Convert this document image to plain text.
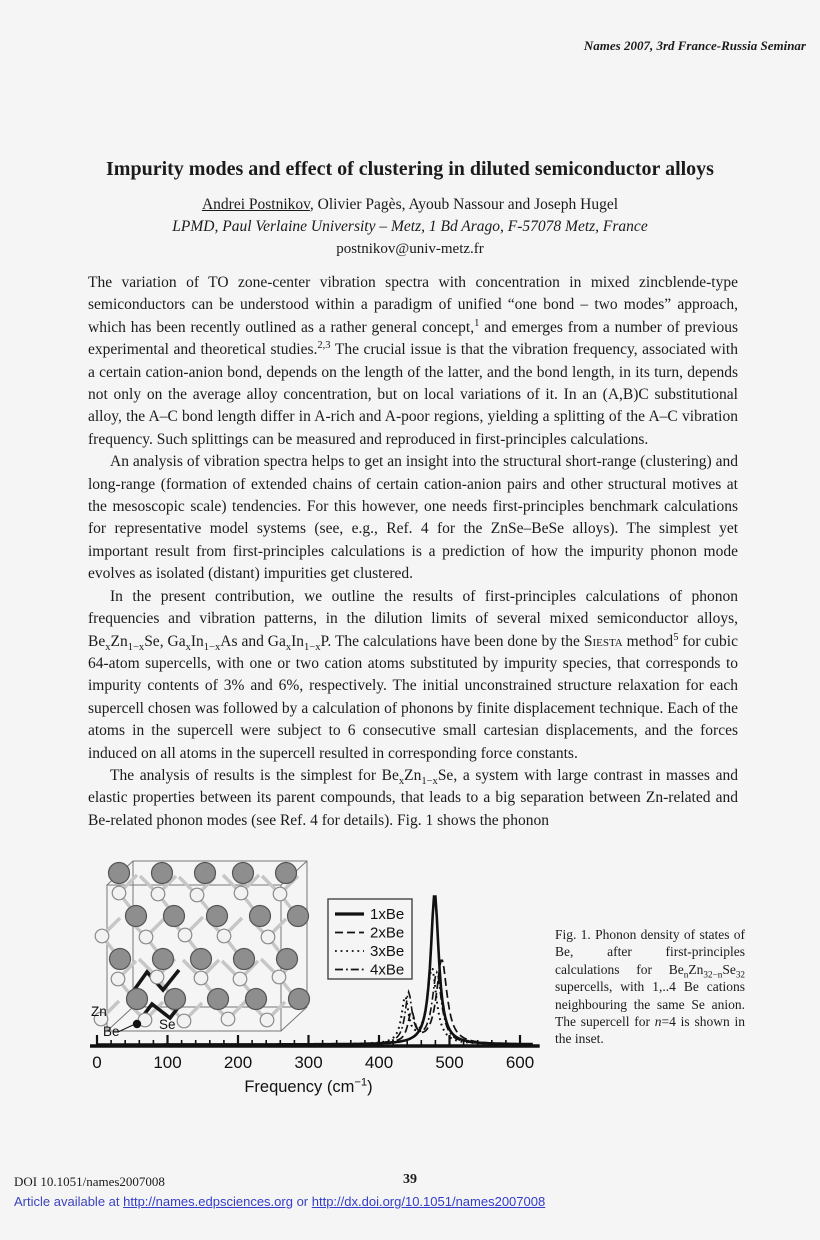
Names 2007, 3rd France-Russia Seminar
Impurity modes and effect of clustering in diluted semiconductor alloys
Andrei Postnikov, Olivier Pagès, Ayoub Nassour and Joseph Hugel
LPMD, Paul Verlaine University – Metz, 1 Bd Arago, F-57078 Metz, France
postnikov@univ-metz.fr

The variation of TO zone-center vibration spectra with concentration in mixed zincblende-type semiconductors can be understood within a paradigm of unified “one bond – two modes” approach, which has been recently outlined as a rather general concept,$^1$ and emerges from a number of previous experimental and theoretical studies.$^{2,3}$ The crucial issue is that the vibration frequency, associated with a certain cation-anion bond, depends on the length of the latter, and the bond length, in its turn, depends not only on the average alloy concentration, but on local variations of it. In an (A,B)C substitutional alloy, the A–C bond length differ in A-rich and A-poor regions, yielding a splitting of the A–C vibration frequency. Such splittings can be measured and reproduced in first-principles calculations.

An analysis of vibration spectra helps to get an insight into the structural short-range (clustering) and long-range (formation of extended chains of certain cation-anion pairs and other structural motives at the mesoscopic scale) tendencies. For this however, one needs first-principles benchmark calculations for representative model systems (see, e.g., Ref. 4 for the ZnSe–BeSe alloys). The simplest yet important result from first-principles calculations is a prediction of how the impurity phonon mode evolves as isolated (distant) impurities get clustered.

In the present contribution, we outline the results of first-principles calculations of phonon frequencies and vibration patterns, in the dilution limits of several mixed semiconductor alloys, $Be_xZn_{1-x}Se$, $Ga_xIn_{1-x}As$ and $Ga_xIn_{1-x}P$. The calculations have been done by the Siesta method$^5$ for cubic 64-atom supercells, with one or two cation atoms substituted by impurity species, that corresponds to impurity contents of 3% and 6%, respectively. The initial unconstrained structure relaxation for each supercell chosen was followed by a calculation of phonons by finite displacement technique. Each of the atoms in the supercell were subject to 6 consecutive small cartesian displacements, and the forces induced on all atoms in the supercell resulted in corresponding force constants.

The analysis of results is the simplest for $Be_xZn_{1-x}Se$, a system with large contrast in masses and elastic properties between its parent compounds, that leads to a big separation between Zn-related and Be-related phonon modes (see Ref. 4 for details). Fig. 1 shows the phonon

Zn
Be	Se
0	100 200 300 400 500 600
1xBe
2xBe
3xBe
4xBe
Frequency $(cm^{-1})$
Fig. 1. Phonon density of states of Be, after first-principles calculations for $Be_nZn_{32-n}Se_{32}$ supercells, with 1,..4 Be cations neighbouring the same Se anion. The supercell for n=4 is shown in the inset.
DOI 10.1051/names2007008	39
Article available at http://names.edpsciences.org or http://dx.doi.org/10.1051/names2007008
